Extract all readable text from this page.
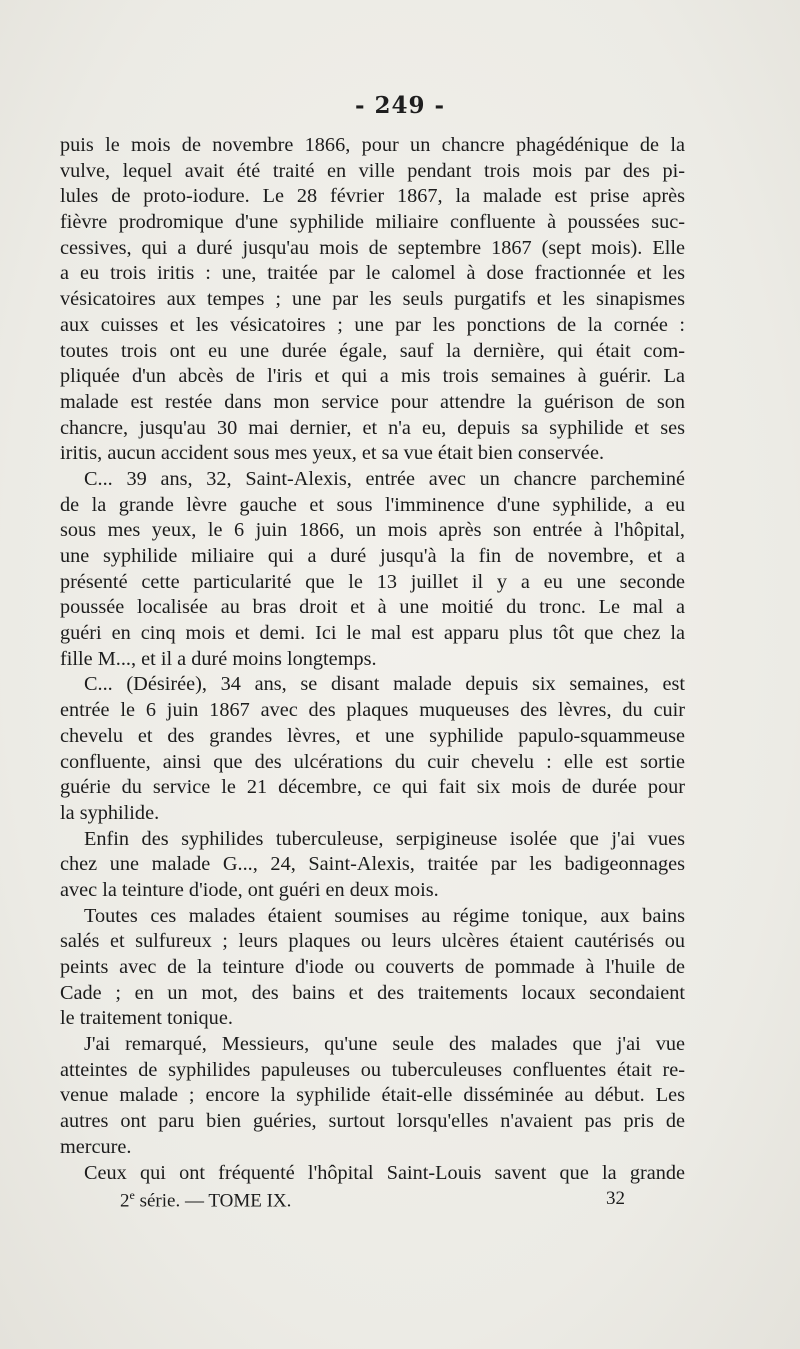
- 249 -
puis le mois de novembre 1866, pour un chancre phagédénique de la
vulve, lequel avait été traité en ville pendant trois mois par des pi-
lules de proto-iodure. Le 28 février 1867, la malade est prise après
fièvre prodromique d'une syphilide miliaire confluente à poussées suc-
cessives, qui a duré jusqu'au mois de septembre 1867 (sept mois). Elle
a eu trois iritis : une, traitée par le calomel à dose fractionnée et les
vésicatoires aux tempes ; une par les seuls purgatifs et les sinapismes
aux cuisses et les vésicatoires ; une par les ponctions de la cornée :
toutes trois ont eu une durée égale, sauf la dernière, qui était com-
pliquée d'un abcès de l'iris et qui a mis trois semaines à guérir. La
malade est restée dans mon service pour attendre la guérison de son
chancre, jusqu'au 30 mai dernier, et n'a eu, depuis sa syphilide et ses
iritis, aucun accident sous mes yeux, et sa vue était bien conservée.
C... 39 ans, 32, Saint-Alexis, entrée avec un chancre parcheminé
de la grande lèvre gauche et sous l'imminence d'une syphilide, a eu
sous mes yeux, le 6 juin 1866, un mois après son entrée à l'hôpital,
une syphilide miliaire qui a duré jusqu'à la fin de novembre, et a
présenté cette particularité que le 13 juillet il y a eu une seconde
poussée localisée au bras droit et à une moitié du tronc. Le mal a
guéri en cinq mois et demi. Ici le mal est apparu plus tôt que chez la
fille M..., et il a duré moins longtemps.
C... (Désirée), 34 ans, se disant malade depuis six semaines, est
entrée le 6 juin 1867 avec des plaques muqueuses des lèvres, du cuir
chevelu et des grandes lèvres, et une syphilide papulo-squammeuse
confluente, ainsi que des ulcérations du cuir chevelu : elle est sortie
guérie du service le 21 décembre, ce qui fait six mois de durée pour
la syphilide.
Enfin des syphilides tuberculeuse, serpigineuse isolée que j'ai vues
chez une malade G..., 24, Saint-Alexis, traitée par les badigeonnages
avec la teinture d'iode, ont guéri en deux mois.
Toutes ces malades étaient soumises au régime tonique, aux bains
salés et sulfureux ; leurs plaques ou leurs ulcères étaient cautérisés ou
peints avec de la teinture d'iode ou couverts de pommade à l'huile de
Cade ; en un mot, des bains et des traitements locaux secondaient
le traitement tonique.
J'ai remarqué, Messieurs, qu'une seule des malades que j'ai vue
atteintes de syphilides papuleuses ou tuberculeuses confluentes était re-
venue malade ; encore la syphilide était-elle disséminée au début. Les
autres ont paru bien guéries, surtout lorsqu'elles n'avaient pas pris de
mercure.
Ceux qui ont fréquenté l'hôpital Saint-Louis savent que la grande
2e série. — TOME IX.	32
